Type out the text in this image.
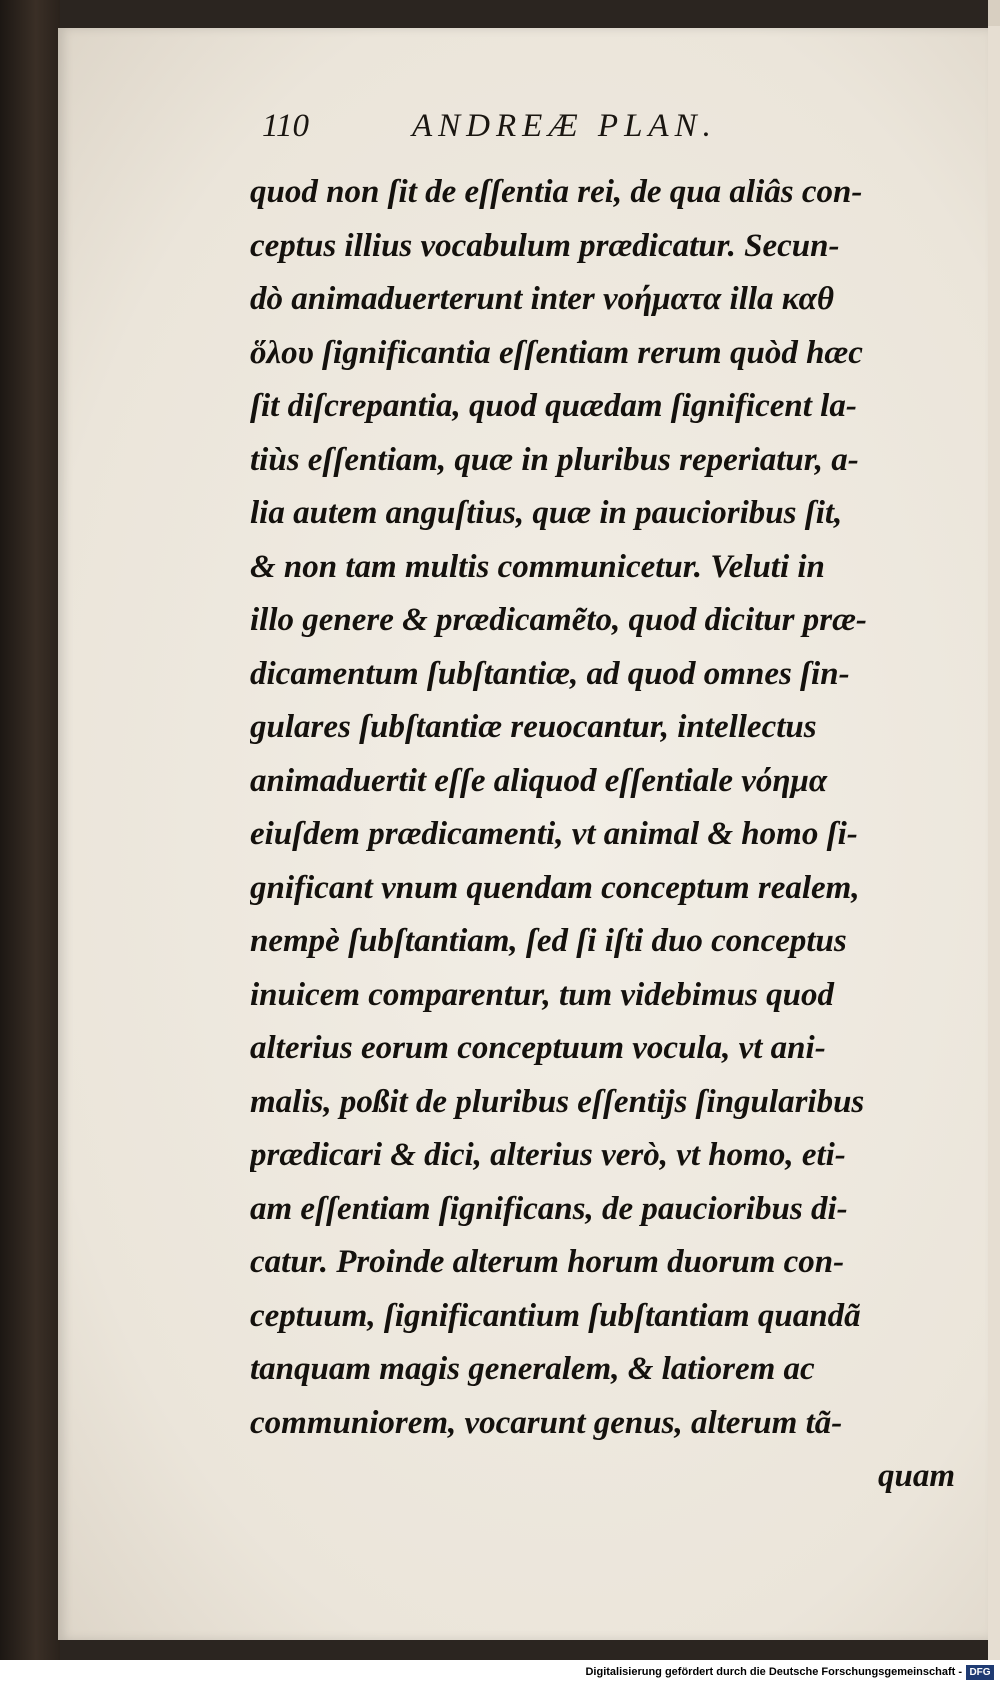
110	ANDREÆ PLAN.
quod non ſit de eſſentia rei, de qua aliâs con-
ceptus illius vocabulum prædicatur. Secun-
dò animaduerterunt inter νοήματα illa καθ
ὅλου ſignificantia eſſentiam rerum quòd hæc
ſit diſcrepantia, quod quædam ſignificent la-
tiùs eſſentiam, quæ in pluribus reperiatur, a-
lia autem anguſtius, quæ in paucioribus ſit,
& non tam multis communicetur. Veluti in
illo genere & prædicamẽto, quod dicitur præ-
dicamentum ſubſtantiæ, ad quod omnes ſin-
gulares ſubſtantiæ reuocantur, intellectus
animaduertit eſſe aliquod eſſentiale νόημα
eiuſdem prædicamenti, vt animal & homo ſi-
gnificant vnum quendam conceptum realem,
nempè ſubſtantiam, ſed ſi iſti duo conceptus
inuicem comparentur, tum videbimus quod
alterius eorum conceptuum vocula, vt ani-
malis, poßit de pluribus eſſentijs ſingularibus
prædicari & dici, alterius verò, vt homo, eti-
am eſſentiam ſignificans, de paucioribus di-
catur. Proinde alterum horum duorum con-
ceptuum, ſignificantium ſubſtantiam quandã
tanquam magis generalem, & latiorem ac
communiorem, vocarunt genus, alterum tã-
quam
Digitalisierung gefördert durch die Deutsche Forschungsgemeinschaft - DFG
